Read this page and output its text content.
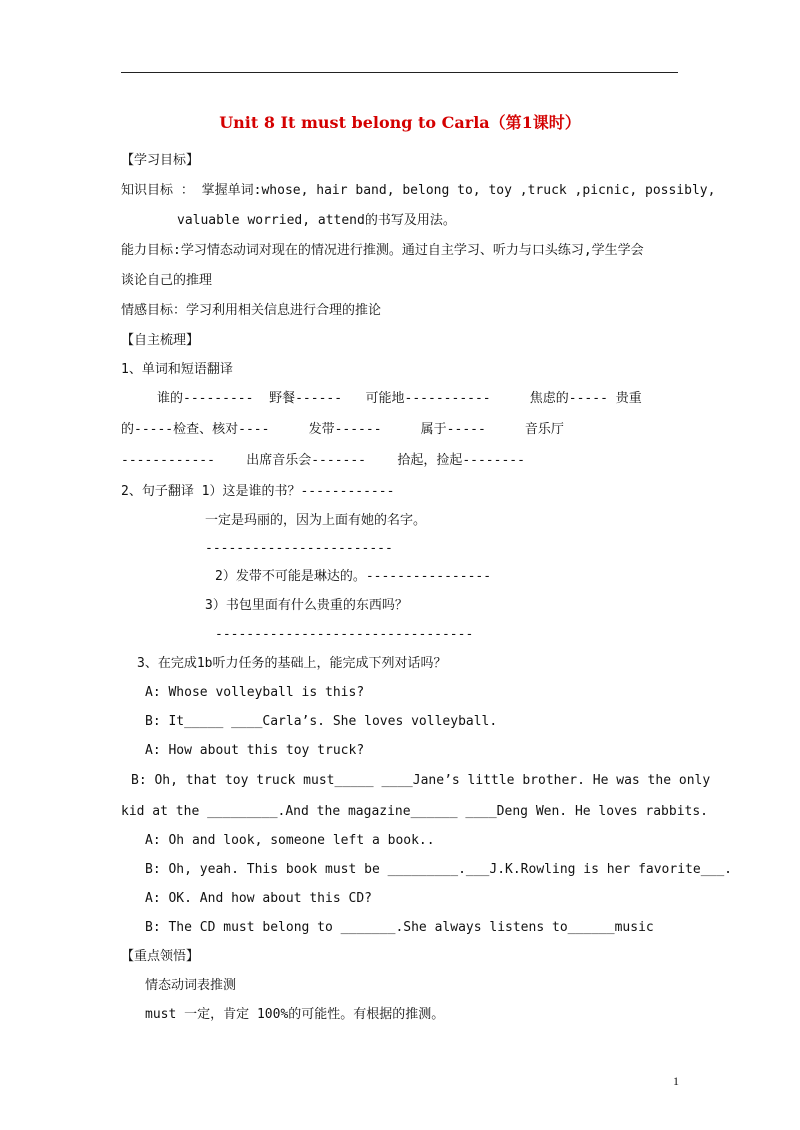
Unit 8 It must belong to Carla（第1课时）
【学习目标】
知识目标 ： 掌握单词:whose, hair band, belong to, toy ,truck ,picnic, possibly,
valuable worried, attend的书写及用法。
能力目标:学习情态动词对现在的情况进行推测。通过自主学习、听力与口头练习,学生学会
谈论自己的推理
情感目标：学习利用相关信息进行合理的推论
【自主梳理】
1、单词和短语翻译
谁的---------  野餐------   可能地-----------     焦虑的----- 贵重
的-----检查、核对----     发带------     属于-----     音乐厅
------------    出席音乐会-------    拾起，捡起--------
2、句子翻译 1）这是谁的书？------------
一定是玛丽的，因为上面有她的名字。
------------------------
2）发带不可能是琳达的。----------------
3）书包里面有什么贵重的东西吗？
---------------------------------
3、在完成1b听力任务的基础上，能完成下列对话吗？
A: Whose volleyball is this?
B: It_____ ____Carla’s. She loves volleyball.
A: How about this toy truck?
B: Oh, that toy truck must_____ ____Jane’s little brother. He was the only
kid at the _________.And the magazine______ ____Deng Wen. He loves rabbits.
A: Oh and look, someone left a book..
B: Oh, yeah. This book must be _________.___J.K.Rowling is her favorite___.
A: OK. And how about this CD?
B: The CD must belong to _______.She always listens to______music
【重点领悟】
情态动词表推测
must 一定，肯定 100%的可能性。有根据的推测。
1
